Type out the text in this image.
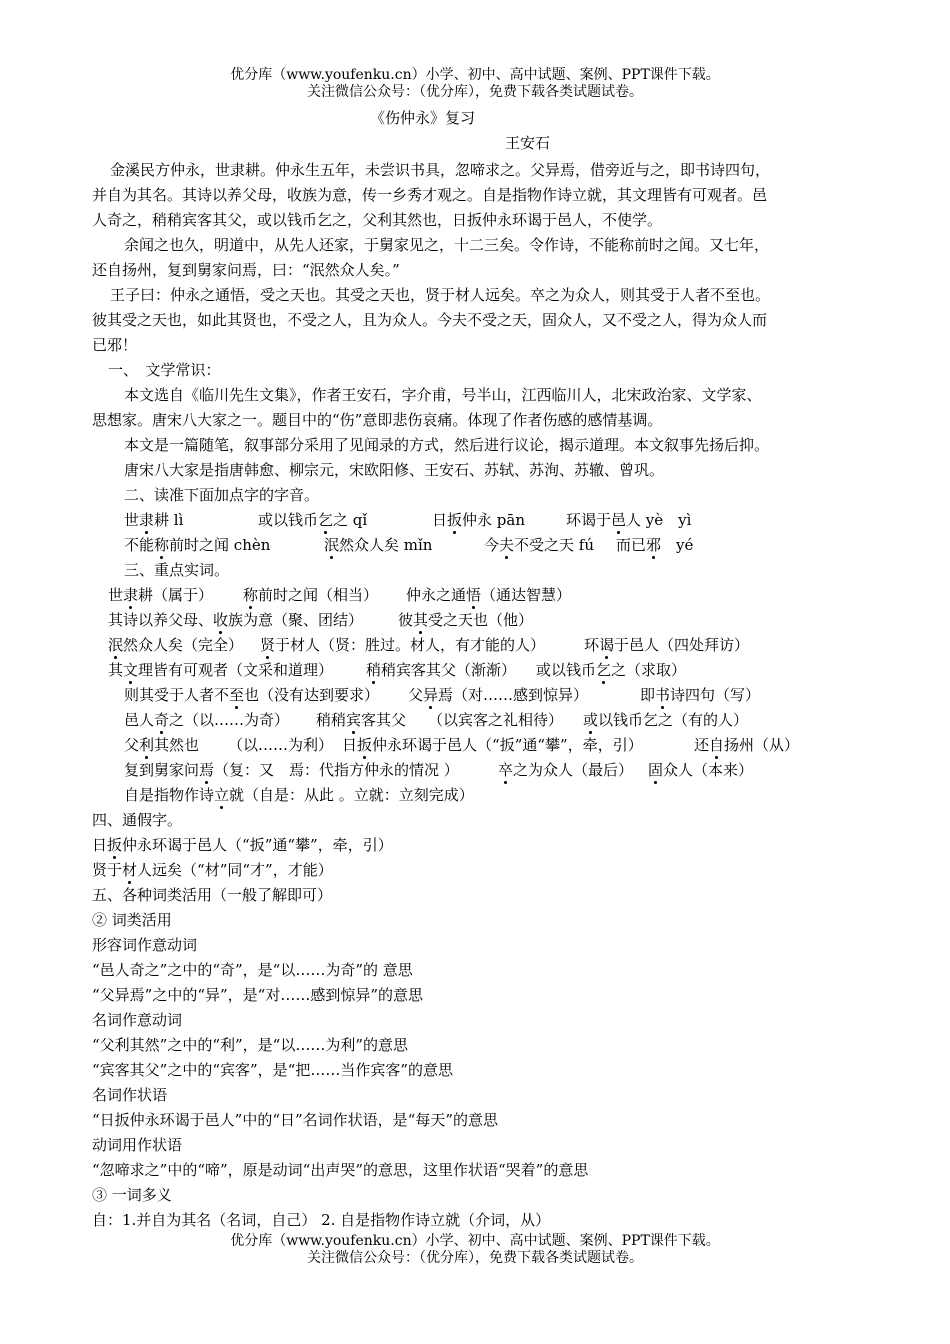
优分库（www.youfenku.cn）小学、初中、高中试题、案例、PPT课件下载。
关注微信公众号：（优分库），免费下载各类试题试卷。
《伤仲永》复习
王安石
金溪民方仲永，世隶耕。仲永生五年，未尝识书具，忽啼求之。父异焉，借旁近与之，即书诗四句，
并自为其名。其诗以养父母，收族为意，传一乡秀才观之。自是指物作诗立就，其文理皆有可观者。邑
人奇之，稍稍宾客其父，或以钱币乞之，父利其然也，日扳仲永环谒于邑人，不使学。
余闻之也久，明道中，从先人还家，于舅家见之，十二三矣。令作诗，不能称前时之闻。又七年，
还自扬州，复到舅家问焉，曰：“泯然众人矣。”
王子曰：仲永之通悟，受之天也。其受之天也，贤于材人远矣。卒之为众人，则其受于人者不至也。
彼其受之天也，如此其贤也，不受之人，且为众人。今夫不受之天，固众人，又不受之人，得为众人而
已邪！
一、　文学常识：
本文选自《临川先生文集》，作者王安石，字介甫，号半山，江西临川人，北宋政治家、文学家、
思想家。唐宋八大家之一。题目中的“伤”意即悲伤哀痛。体现了作者伤感的感情基调。
本文是一篇随笔，叙事部分采用了见闻录的方式，然后进行议论，揭示道理。本文叙事先扬后抑。
唐宋八大家是指唐韩愈、柳宗元，宋欧阳修、王安石、苏轼、苏洵、苏辙、曾巩。
二、读准下面加点字的字音。
世隶耕 lì	或以钱币乞之 qǐ	日扳仲永 pān	环谒于邑人 yè　yì
不能称前时之闻 chèn	泯然众人矣 mǐn	今夫不受之天 fú 而已邪　yé
三、重点实词。
世隶耕（属于） 称前时之闻（相当） 仲永之通悟（通达智慧）
其诗以养父母、收族为意（聚、团结） 彼其受之天也（他）
泯然众人矣（完全） 贤于材人（贤：胜过。材人，有才能的人）	环谒于邑人（四处拜访）
其文理皆有可观者（文采和道理） 稍稍宾客其父（渐渐） 或以钱币乞之（求取）
则其受于人者不至也（没有达到要求） 父异焉（对……感到惊异）	即书诗四句（写）
邑人奇之（以……为奇） 稍稍宾客其父 （以宾客之礼相待） 或以钱币乞之（有的人）
父利其然也 （以……为利） 日扳仲永环谒于邑人（“扳”通“攀”，牵，引）	还自扬州（从）
复到舅家问焉（复：又　焉：代指方仲永的情况 ）	卒之为众人（最后） 固众人（本来）
自是指物作诗立就（自是：从此 。立就：立刻完成）
四、通假字。
日扳仲永环谒于邑人（“扳”通“攀”，牵，引）
贤于材人远矣（“材”同“才”，才能）
五、各种词类活用（一般了解即可）
② 词类活用
形容词作意动词
“邑人奇之”之中的“奇”，是“以……为奇”的 意思
“父异焉”之中的“异”，是“对……感到惊异”的意思
名词作意动词
“父利其然”之中的“利”，是“以……为利”的意思
“宾客其父”之中的“宾客”，是“把……当作宾客”的意思
名词作状语
“日扳仲永环谒于邑人”中的“日”名词作状语，是“每天”的意思
动词用作状语
“忽啼求之”中的“啼”，原是动词“出声哭”的意思，这里作状语“哭着”的意思
③ 一词多义
自：1.并自为其名（名词，自己） 2. 自是指物作诗立就（介词，从）
优分库（www.youfenku.cn）小学、初中、高中试题、案例、PPT课件下载。
关注微信公众号：（优分库），免费下载各类试题试卷。
